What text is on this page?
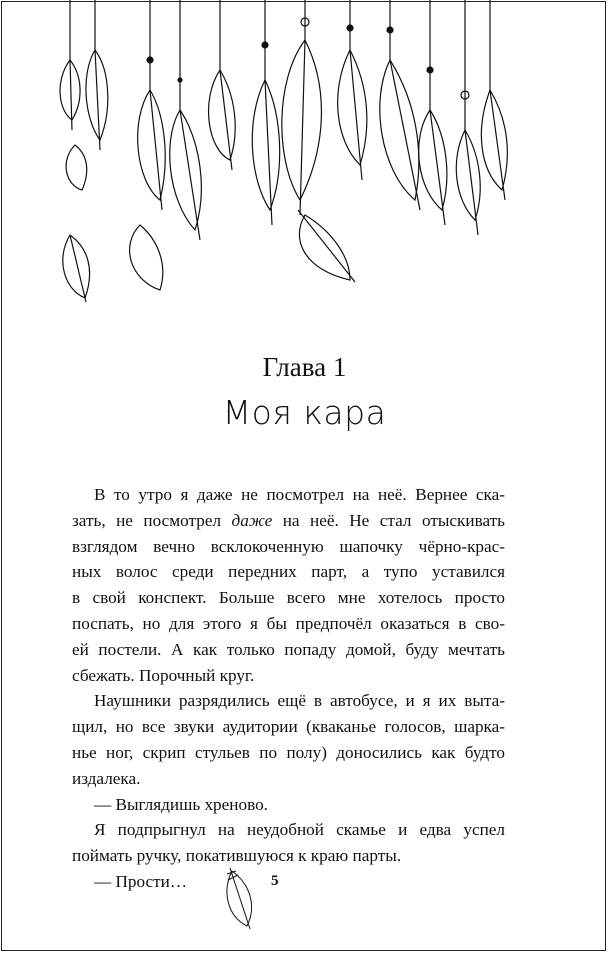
Глава 1
Моя кара
В то утро я даже не посмотрел на неё. Вернее ска-
зать, не посмотрел даже на неё. Не стал отыскивать
взглядом вечно всклокоченную шапочку чёрно-крас-
ных волос среди передних парт, а тупо уставился
в свой конспект. Больше всего мне хотелось просто
поспать, но для этого я бы предпочёл оказаться в сво-
ей постели. А как только попаду домой, буду мечтать
сбежать. Порочный круг.
Наушники разрядились ещё в автобусе, и я их выта-
щил, но все звуки аудитории (кваканье голосов, шарка-
нье ног, скрип стульев по полу) доносились как будто
издалека.
— Выглядишь хреново.
Я подпрыгнул на неудобной скамье и едва успел
поймать ручку, покатившуюся к краю парты.
— Прости…	5
